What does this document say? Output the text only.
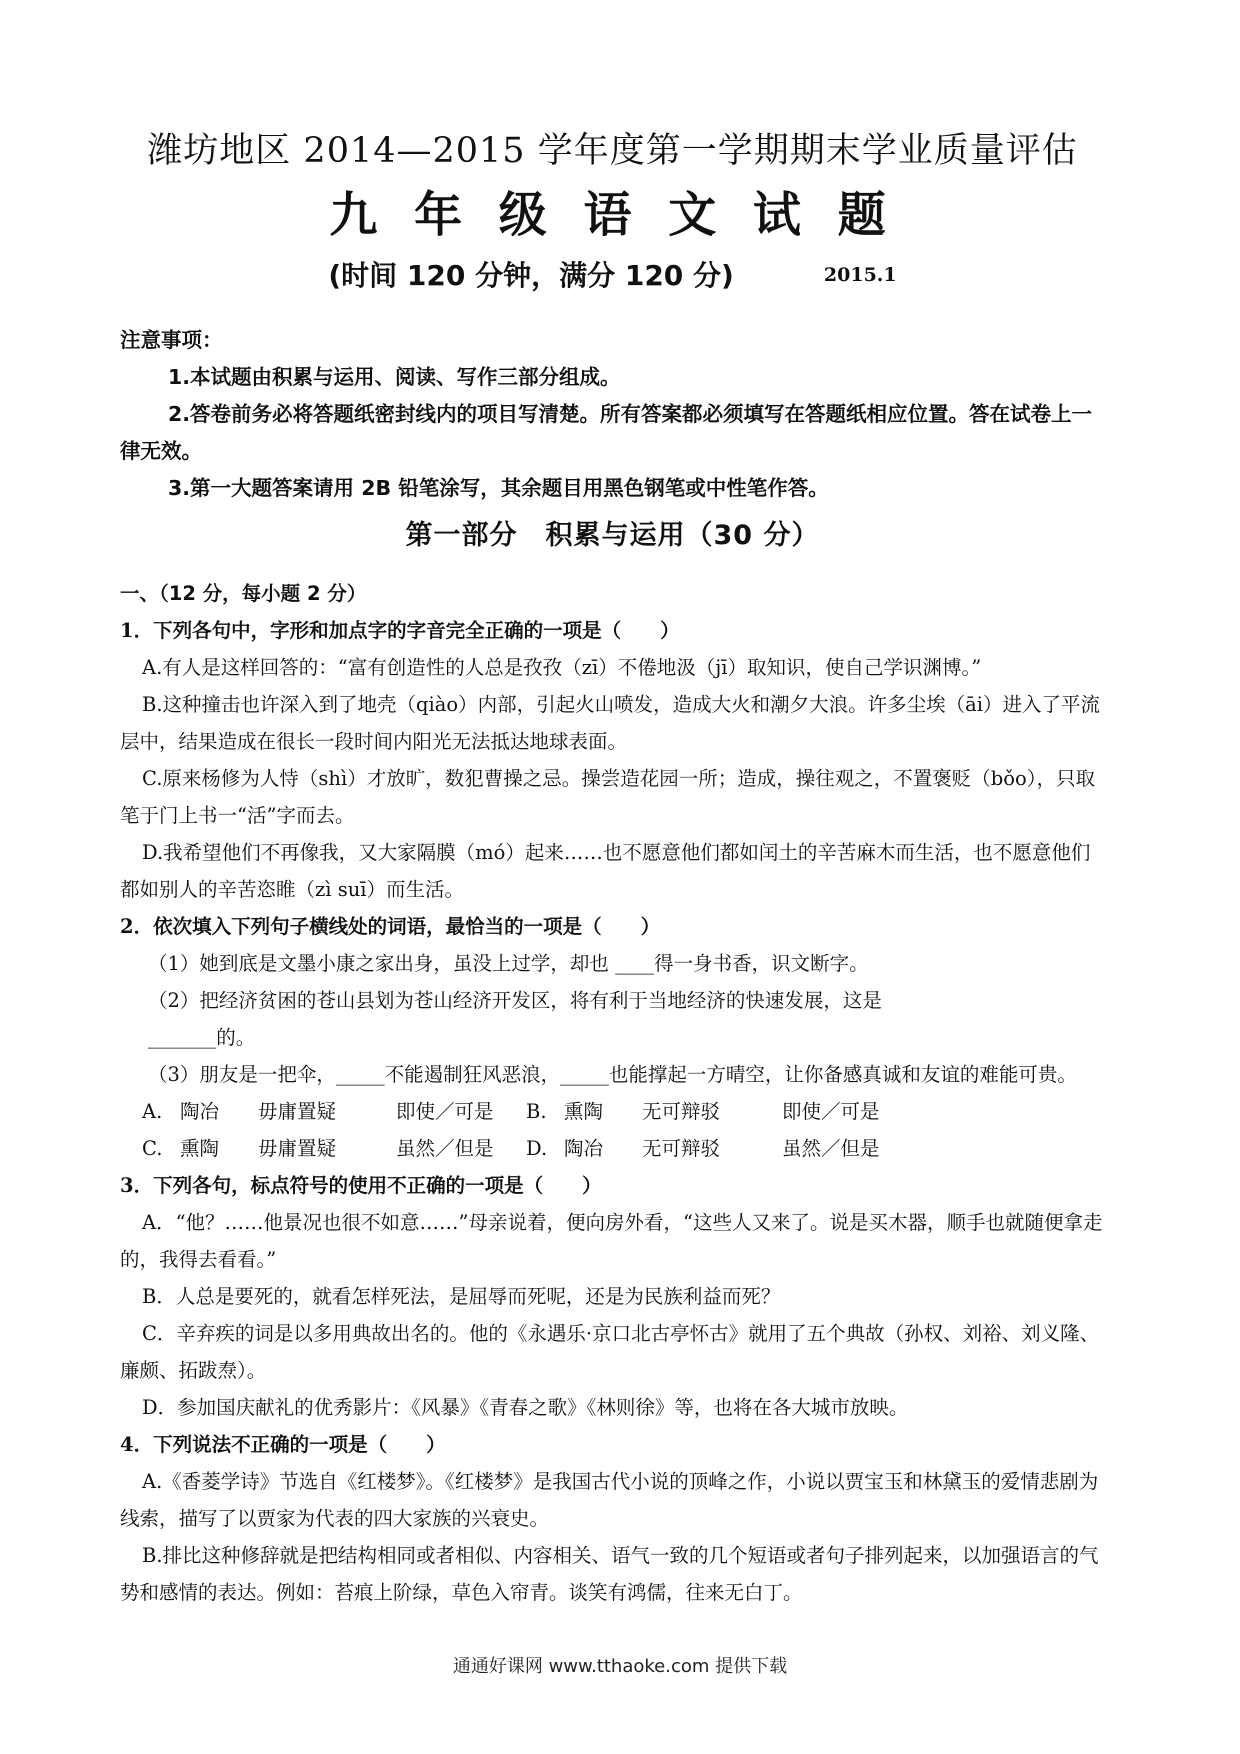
潍坊地区 2014—2015 学年度第一学期期末学业质量评估
九 年 级 语 文 试 题
(时间 120 分钟，满分 120 分)	2015.1
注意事项：
1.本试题由积累与运用、阅读、写作三部分组成。
2.答卷前务必将答题纸密封线内的项目写清楚。所有答案都必须填写在答题纸相应位置。答在试卷上一律无效。
3.第一大题答案请用 2B 铅笔涂写，其余题目用黑色钢笔或中性笔作答。
第一部分 积累与运用（30 分）
一、（12 分，每小题 2 分）
1．下列各句中，字形和加点字的字音完全正确的一项是（　　）
A.有人是这样回答的：“富有创造性的人总是孜孜（zī）不倦地汲（jī）取知识，使自己学识渊博。”
B.这种撞击也许深入到了地壳（qiào）内部，引起火山喷发，造成大火和潮夕大浪。许多尘埃（āi）进入了平流层中，结果造成在很长一段时间内阳光无法抵达地球表面。
C.原来杨修为人恃（shì）才放旷，数犯曹操之忌。操尝造花园一所；造成，操往观之，不置褒贬（bǒo），只取笔于门上书一“活”字而去。
D.我希望他们不再像我，又大家隔膜（mó）起来……也不愿意他们都如闰土的辛苦麻木而生活，也不愿意他们都如别人的辛苦恣睢（zì suī）而生活。
2．依次填入下列句子横线处的词语，最恰当的一项是（　　）
（1）她到底是文墨小康之家出身，虽没上过学，却也 ____得一身书香，识文断字。
（2）把经济贫困的苍山县划为苍山经济开发区，将有利于当地经济的快速发展，这是
_______的。
（3）朋友是一把伞，_____不能遏制狂风恶浪，_____也能撑起一方晴空，让你备感真诚和友谊的难能可贵。
A. 陶冶	毋庸置疑	即使／可是	B. 熏陶	无可辩驳	即使／可是
C. 熏陶	毋庸置疑	虽然／但是	D. 陶冶	无可辩驳	虽然／但是
3．下列各句，标点符号的使用不正确的一项是（　　）
A．“他？……他景况也很不如意……”母亲说着，便向房外看，“这些人又来了。说是买木器，顺手也就随便拿走的，我得去看看。”
B．人总是要死的，就看怎样死法，是屈辱而死呢，还是为民族利益而死？
C．辛弃疾的词是以多用典故出名的。他的《永遇乐·京口北古亭怀古》就用了五个典故（孙权、刘裕、刘义隆、廉颇、拓跋焘）。
D．参加国庆献礼的优秀影片：《风暴》《青春之歌》《林则徐》等，也将在各大城市放映。
4．下列说法不正确的一项是（　　）
A.《香菱学诗》节选自《红楼梦》。《红楼梦》是我国古代小说的顶峰之作，小说以贾宝玉和林黛玉的爱情悲剧为线索，描写了以贾家为代表的四大家族的兴衰史。
B.排比这种修辞就是把结构相同或者相似、内容相关、语气一致的几个短语或者句子排列起来，以加强语言的气势和感情的表达。例如：苔痕上阶绿，草色入帘青。谈笑有鸿儒，往来无白丁。
通通好课网 www.tthaoke.com 提供下载
